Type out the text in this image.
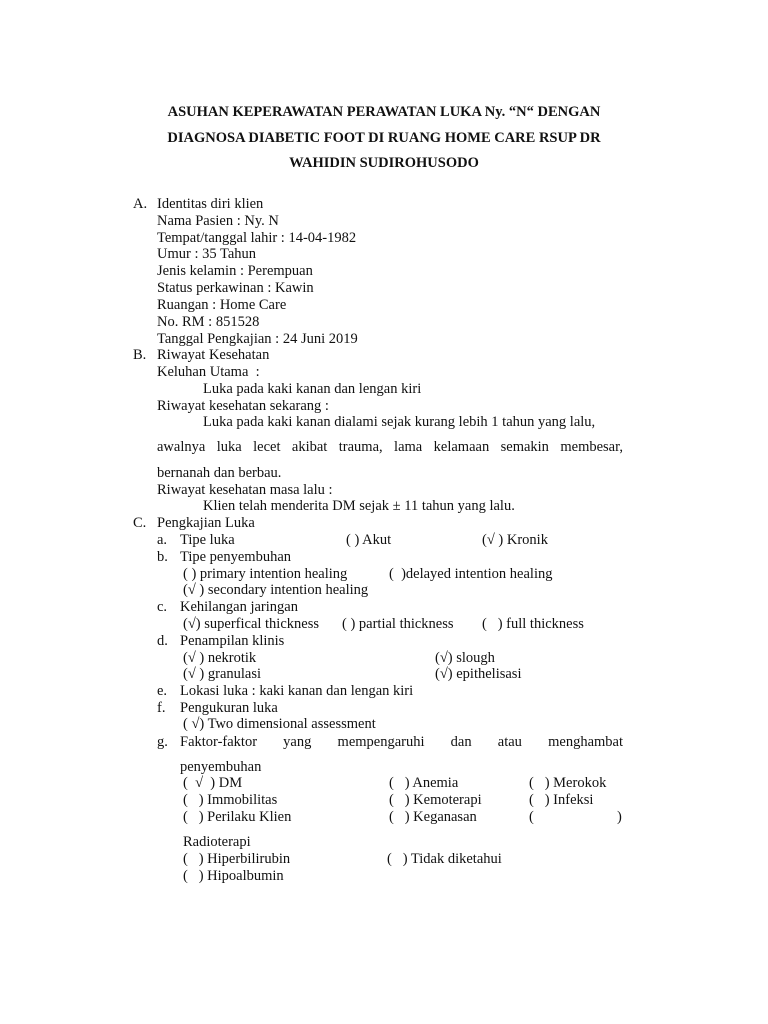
ASUHAN KEPERAWATAN PERAWATAN LUKA Ny. “N“ DENGAN
DIAGNOSA DIABETIC FOOT DI RUANG HOME CARE RSUP DR
WAHIDIN SUDIROHUSODO
A. Identitas diri klien
Nama Pasien : Ny. N
Tempat/tanggal lahir : 14-04-1982
Umur : 35 Tahun
Jenis kelamin : Perempuan
Status perkawinan : Kawin
Ruangan : Home Care
No. RM : 851528
Tanggal Pengkajian : 24 Juni 2019
B. Riwayat Kesehatan
Keluhan Utama  :
Luka pada kaki kanan dan lengan kiri
Riwayat kesehatan sekarang :
Luka pada kaki kanan dialami sejak kurang lebih 1 tahun yang lalu,
awalnya luka lecet akibat trauma, lama kelamaan semakin membesar,
bernanah dan berbau.
Riwayat kesehatan masa lalu :
Klien telah menderita DM sejak ± 11 tahun yang lalu.
C. Pengkajian Luka
a. Tipe luka	( ) Akut	(√ ) Kronik
b. Tipe penyembuhan
( ) primary intention healing	(  )delayed intention healing
(√ ) secondary intention healing
c. Kehilangan jaringan
(√) superfical thickness ( ) partial thickness (   ) full thickness
d. Penampilan klinis
(√ ) nekrotik	(√) slough
(√ ) granulasi	(√) epithelisasi
e. Lokasi luka : kaki kanan dan lengan kiri
f. Pengukuran luka
( √) Two dimensional assessment
g. Faktor-faktor yang mempengaruhi dan atau menghambat
penyembuhan
(  √  ) DM	(   ) Anemia	(   ) Merokok
(   ) Immobilitas	(   ) Kemoterapi	(   ) Infeksi
(   ) Perilaku Klien	(   ) Keganasan	(	)
Radioterapi
(   ) Hiperbilirubin	(   ) Tidak diketahui
(   ) Hipoalbumin
